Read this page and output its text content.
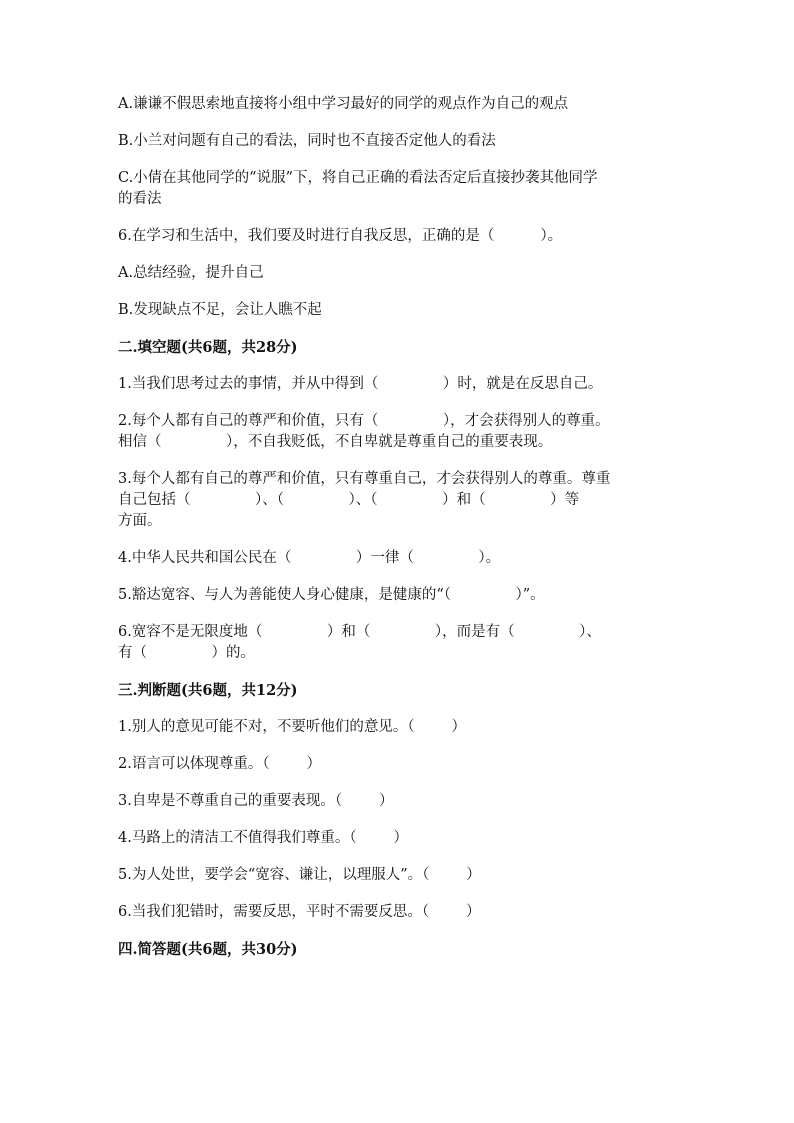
A.谦谦不假思索地直接将小组中学习最好的同学的观点作为自己的观点

B.小兰对问题有自己的看法，同时也不直接否定他人的看法

C.小倩在其他同学的“说服”下，将自己正确的看法否定后直接抄袭其他同学

的看法

6.在学习和生活中，我们要及时进行自我反思，正确的是（          ）。

A.总结经验，提升自己

B.发现缺点不足，会让人瞧不起

二.填空题(共6题，共28分)

1.当我们思考过去的事情，并从中得到（              ）时，就是在反思自己。

2.每个人都有自己的尊严和价值，只有（              ），才会获得别人的尊重。

相信（              ），不自我贬低，不自卑就是尊重自己的重要表现。

3.每个人都有自己的尊严和价值，只有尊重自己，才会获得别人的尊重。尊重

自己包括（              ）、（              ）、（              ）和（              ）等

方面。

4.中华人民共和国公民在（              ）一律（              ）。

5.豁达宽容、与人为善能使人身心健康，是健康的“（              ）”。

6.宽容不是无限度地（              ）和（              ），而是有（              ）、

有（              ）的。

三.判断题(共6题，共12分)

1.别人的意见可能不对，不要听他们的意见。（        ）

2.语言可以体现尊重。（        ）

3.自卑是不尊重自己的重要表现。（        ）

4.马路上的清洁工不值得我们尊重。（        ）

5.为人处世，要学会“宽容、谦让，以理服人”。（        ）

6.当我们犯错时，需要反思，平时不需要反思。（        ）

四.简答题(共6题，共30分)
